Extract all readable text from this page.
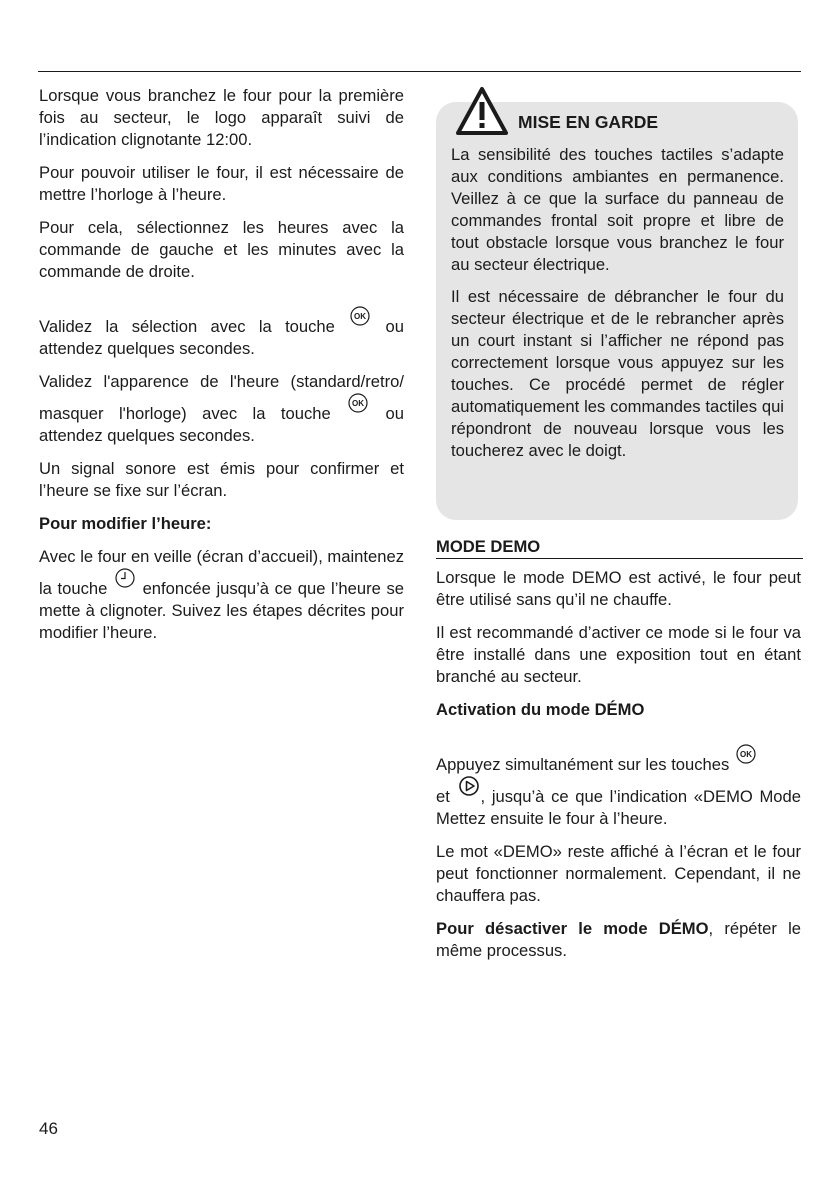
Lorsque vous branchez le four pour la première fois au secteur, le logo apparaît suivi de l’indication clignotante 12:00.

Pour pouvoir utiliser le four, il est nécessaire de mettre l’horloge à l’heure.

Pour cela, sélectionnez les heures avec la commande de gauche et les minutes avec la commande de droite.

Validez la sélection avec la touche
OK
ou attendez quelques secondes.

Validez l'apparence de l'heure (standard/retro/ masquer l'horloge) avec la touche
OK
ou attendez quelques secondes.

Un signal sonore est émis pour confirmer et l’heure se fixe sur l’écran.

Pour modifier l’heure:

Avec le four en veille (écran d’accueil), maintenez la touche enfoncée jusqu’à ce que l’heure se mette à clignoter. Suivez les étapes décrites pour modifier l’heure.

MISE EN GARDE

La sensibilité des touches tactiles s’adapte aux conditions ambiantes en permanence. Veillez à ce que la surface du panneau de commandes frontal soit propre et libre de tout obstacle lorsque vous branchez le four au secteur électrique.

Il est nécessaire de débrancher le four du secteur électrique et de le rebrancher après un court instant si l’afficher ne répond pas correctement lorsque vous appuyez sur les touches. Ce procédé permet de régler automatiquement les commandes tactiles qui répondront de nouveau lorsque vous les toucherez avec le doigt.

MODE DEMO

Lorsque le mode DEMO est activé, le four peut être utilisé sans qu’il ne chauffe.

Il est recommandé d’activer ce mode si le four va être installé dans une exposition tout en étant branché au secteur.

Activation du mode DÉMO

Appuyez simultanément sur les touches
OK

et , jusqu’à ce que l’indication «DEMO Mode Mettez ensuite le four à l’heure.

Le mot «DEMO» reste affiché à l’écran et le four peut fonctionner normalement. Cependant, il ne chauffera pas.

Pour désactiver le mode DÉMO, répéter le même processus.

46
